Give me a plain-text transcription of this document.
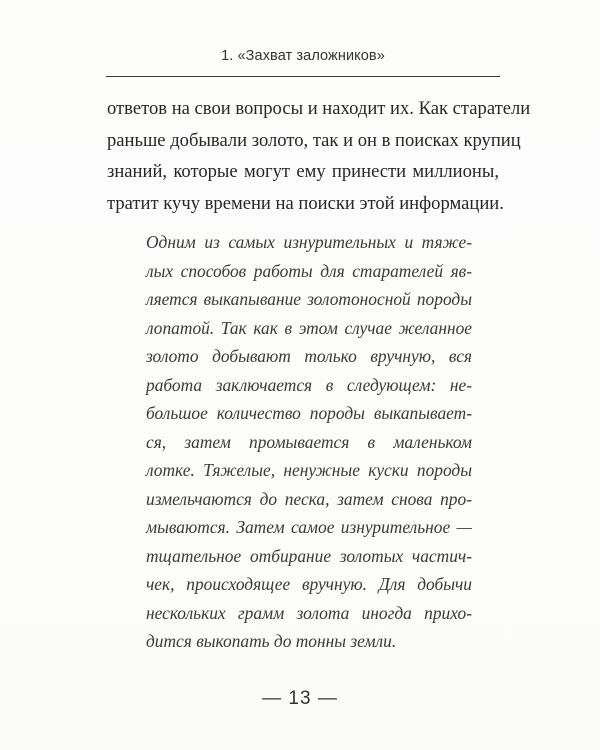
1. «Захват заложников»
ответов на свои вопросы и находит их. Как старатели
раньше добывали золото, так и он в поисках крупиц
знаний, которые могут ему принести миллионы,
тратит кучу времени на поиски этой информации.
Одним из самых изнурительных и тяже-
лых способов работы для старателей яв-
ляется выкапывание золотоносной породы
лопатой. Так как в этом случае желанное
золото добывают только вручную, вся
работа заключается в следующем: не-
большое количество породы выкапывает-
ся, затем промывается в маленьком
лотке. Тяжелые, ненужные куски породы
измельчаются до песка, затем снова про-
мываются. Затем самое изнурительное —
тщательное отбирание золотых частич-
чек, происходящее вручную. Для добычи
нескольких грамм золота иногда прихо-
дится выкопать до тонны земли.
— 13 —
